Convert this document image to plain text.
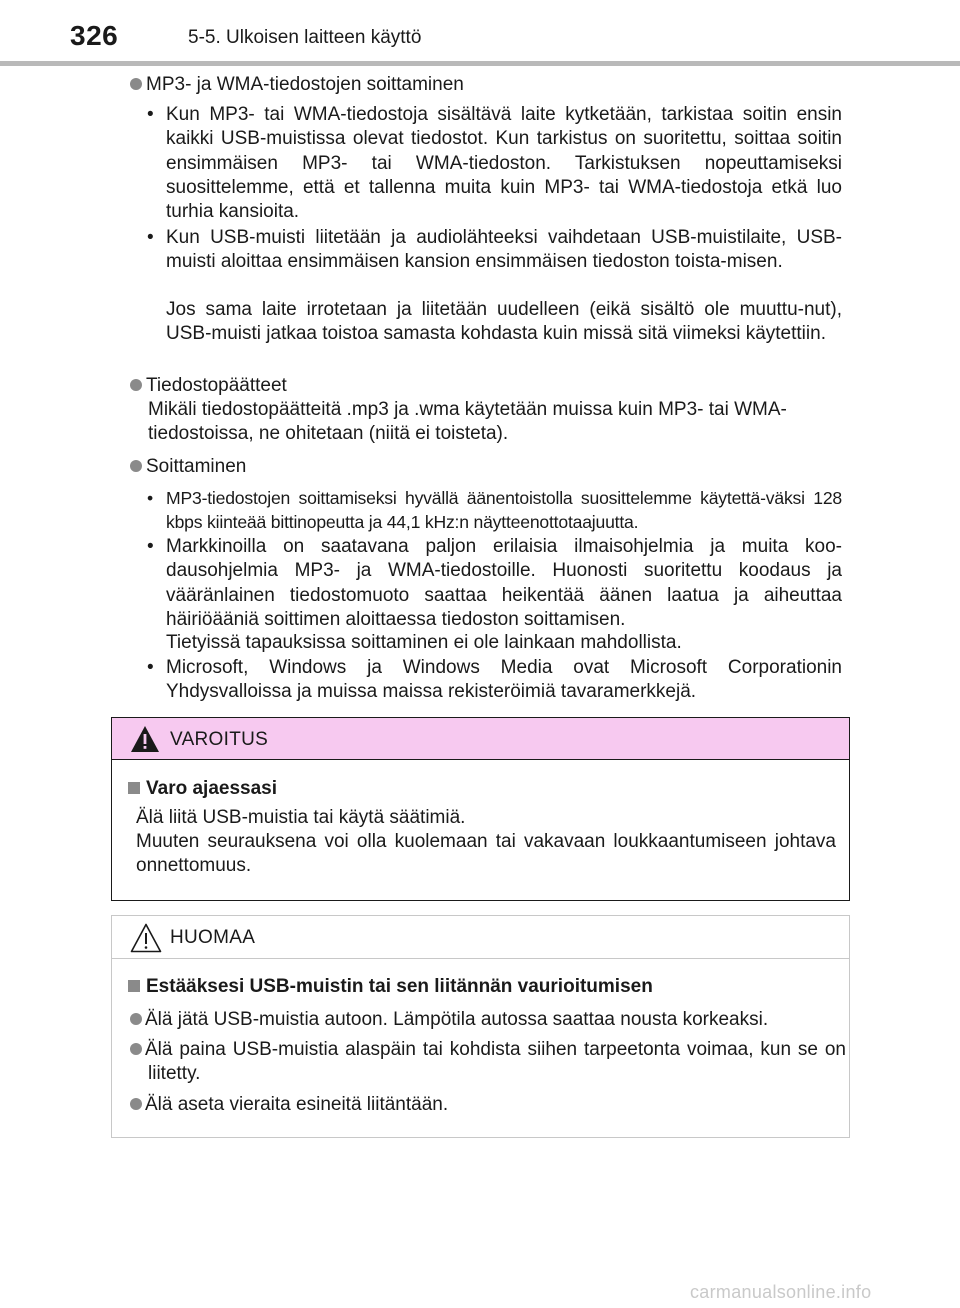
326	5-5. Ulkoisen laitteen käyttö
MP3- ja WMA-tiedostojen soittaminen
• Kun MP3- tai WMA-tiedostoja sisältävä laite kytketään, tarkistaa soitin ensin kaikki USB-muistissa olevat tiedostot. Kun tarkistus on suoritettu, soittaa soitin ensimmäisen MP3- tai WMA-tiedoston. Tarkistuksen nopeuttamiseksi suosittelemme, että et tallenna muita kuin MP3- tai WMA-tiedostoja etkä luo turhia kansioita.
• Kun USB-muisti liitetään ja audiolähteeksi vaihdetaan USB-muistilaite, USB-muisti aloittaa ensimmäisen kansion ensimmäisen tiedoston toista-misen.
Jos sama laite irrotetaan ja liitetään uudelleen (eikä sisältö ole muuttu-nut), USB-muisti jatkaa toistoa samasta kohdasta kuin missä sitä viimeksi käytettiin.
Tiedostopäätteet
Mikäli tiedostopäätteitä .mp3 ja .wma käytetään muissa kuin MP3- tai WMA-tiedostoissa, ne ohitetaan (niitä ei toisteta).
Soittaminen
• MP3-tiedostojen soittamiseksi hyvällä äänentoistolla suosittelemme käytettä-väksi 128 kbps kiinteää bittinopeutta ja 44,1 kHz:n näytteenottotaajuutta.
• Markkinoilla on saatavana paljon erilaisia ilmaisohjelmia ja muita koo-dausohjelmia MP3- ja WMA-tiedostoille. Huonosti suoritettu koodaus ja vääränlainen tiedostomuoto saattaa heikentää äänen laatua ja aiheuttaa häiriöääniä soittimen aloittaessa tiedoston soittamisen.
Tietyissä tapauksissa soittaminen ei ole lainkaan mahdollista.
• Microsoft, Windows ja Windows Media ovat Microsoft Corporationin Yhdysvalloissa ja muissa maissa rekisteröimiä tavaramerkkejä.
VAROITUS
Varo ajaessasi
Älä liitä USB-muistia tai käytä säätimiä.
Muuten seurauksena voi olla kuolemaan tai vakavaan loukkaantumiseen johtava onnettomuus.
HUOMAA
Estääksesi USB-muistin tai sen liitännän vaurioitumisen
Älä jätä USB-muistia autoon. Lämpötila autossa saattaa nousta korkeaksi.
Älä paina USB-muistia alaspäin tai kohdista siihen tarpeetonta voimaa, kun se on liitetty.
Älä aseta vieraita esineitä liitäntään.
carmanualsonline.info
